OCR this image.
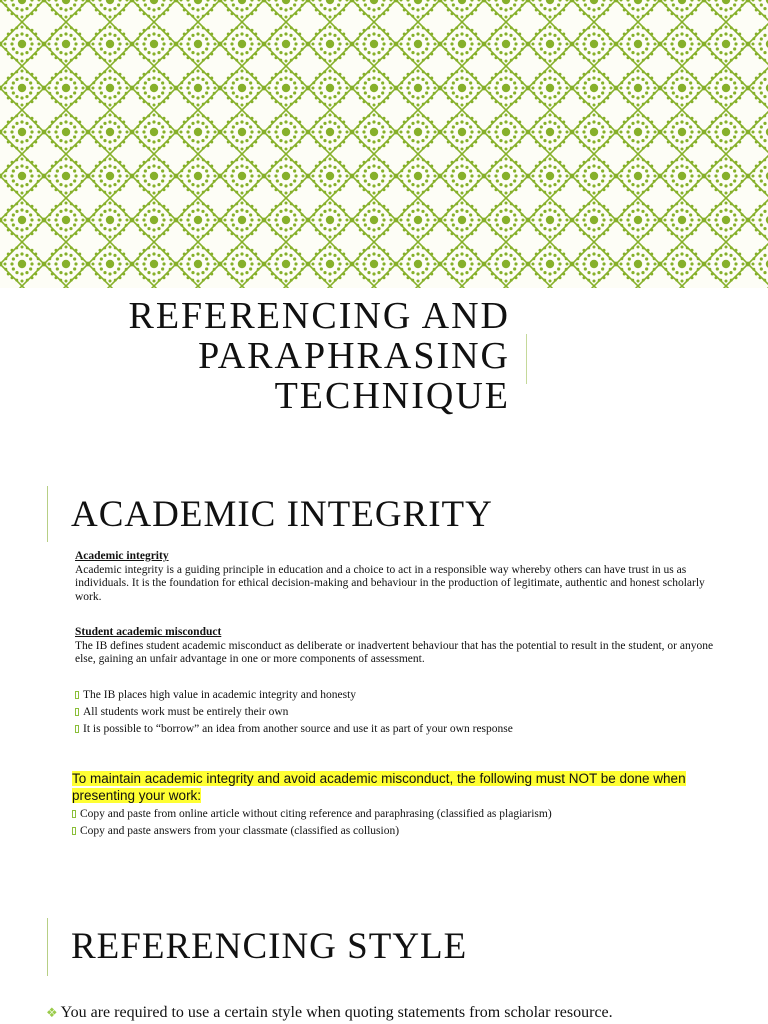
REFERENCING AND
PARAPHRASING
TECHNIQUE
ACADEMIC INTEGRITY

Academic integrity

Academic integrity is a guiding principle in education and a choice to act in a responsible way whereby others can have trust in us as individuals. It is the foundation for ethical decision-making and behaviour in the production of legitimate, authentic and honest scholarly work.

Student academic misconduct

The IB defines student academic misconduct as deliberate or inadvertent behaviour that has the potential to result in the student, or anyone else, gaining an unfair advantage in one or more components of assessment.

The IB places high value in academic integrity and honesty
All students work must be entirely their own
It is possible to “borrow” an idea from another source and use it as part of your own response
To maintain academic integrity and avoid academic misconduct, the following must NOT be done when presenting your work:
Copy and paste from online article without citing reference and paraphrasing (classified as plagiarism)
Copy and paste answers from your classmate (classified as collusion)
REFERENCING STYLE
❖ You are required to use a certain style when quoting statements from scholar resource.
